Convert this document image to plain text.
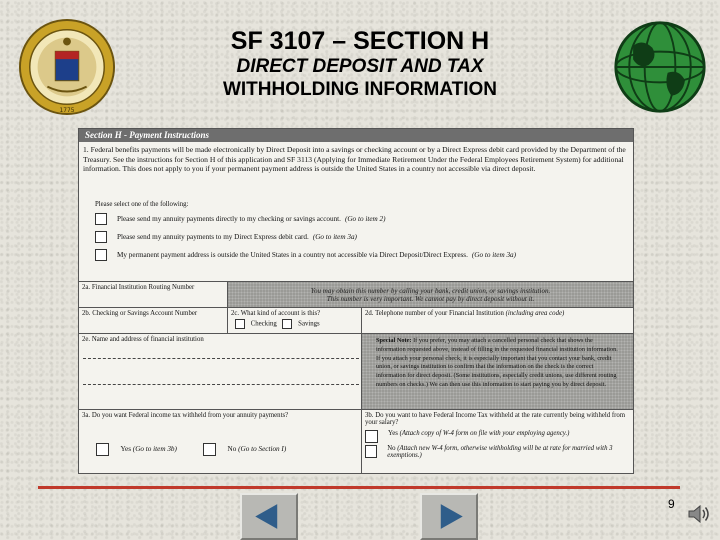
1775
SF 3107 – SECTION H
DIRECT DEPOSIT AND TAX
WITHHOLDING INFORMATION
Section H - Payment Instructions
1. Federal benefits payments will be made electronically by Direct Deposit into a savings or checking account or by a Direct Express debit card provided by the Department of the Treasury. See the instructions for Section H of this application and SF 3113 (Applying for Immediate Retirement Under the Federal Employees Retirement System) for additional information. This does not apply to you if your permanent payment address is outside the United States in a country not accessible via direct deposit.
Please select one of the following:
Please send my annuity payments directly to my checking or savings account. (Go to item 2)
Please send my annuity payments to my Direct Express debit card. (Go to item 3a)
My permanent payment address is outside the United States in a country not accessible via Direct Deposit/Direct Express. (Go to item 3a)
2a. Financial Institution Routing Number	You may obtain this number by calling your bank, credit union, or savings institution.
This number is very important. We cannot pay by direct deposit without it.
2b. Checking or Savings Account Number	2c. What kind of account is this?
Checking	Savings
2d. Telephone number of your Financial Institution (including area code)
2e. Name and address of financial institution	Special Note: If you prefer, you may attach a cancelled personal check that shows the information requested above, instead of filling in the requested financial institution information. If you attach your personal check, it is especially important that you contact your bank, credit union, or savings institution to confirm that the information on the check is the correct information for direct deposit. (Some institutions, especially credit unions, use different routing numbers on checks.) We can then use this information to start paying you by direct deposit.
3a. Do you want Federal income tax withheld from your annuity payments?
Yes (Go to item 3b)	No (Go to Section I)
3b. Do you want to have Federal Income Tax withheld at the rate currently being withheld from your salary?
Yes (Attach copy of W-4 form on file with your employing agency.)
No (Attach new W-4 form, otherwise withholding will be at rate for married with 3 exemptions.)
9
